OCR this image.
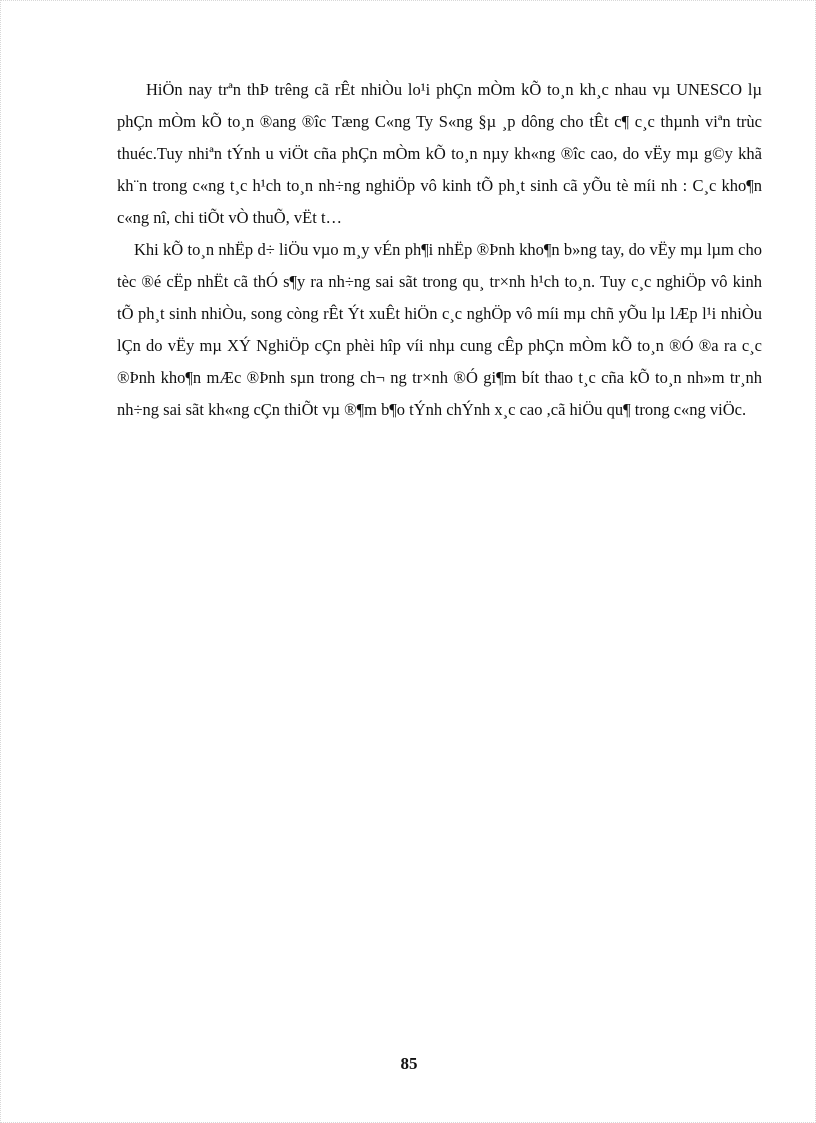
HiÖn nay trªn thÞ trêng cã rÊt nhiÒu lo¹i phÇn mÒm kÕ to¸n kh¸c nhau vµ UNESCO lµ phÇn mÒm kÕ to¸n ®ang ®îc Tæng C«ng Ty S«ng §µ ¸p dông cho tÊt c¶ c¸c thµnh viªn trùc thuéc.Tuy nhiªn tÝnh u viÖt cña phÇn mÒm kÕ to¸n nµy kh«ng ®îc cao, do vËy mµ g©y khã kh¨n trong c«ng t¸c h¹ch to¸n nh÷ng nghiÖp vô kinh tÕ ph¸t sinh cã yÕu tè míi nh : C¸c kho¶n c«ng nî, chi tiÕt vÒ thuÕ, vËt t…

Khi kÕ to¸n nhËp d÷ liÖu vµo m¸y vÉn ph¶i nhËp ®Þnh kho¶n b»ng tay, do vËy mµ lµm cho tèc ®é cËp nhËt cã thÓ s¶y ra nh÷ng sai sãt trong qu¸ tr×nh h¹ch to¸n. Tuy c¸c nghiÖp vô kinh tÕ ph¸t sinh nhiÒu, song còng rÊt Ýt xuÊt hiÖn c¸c nghÖp vô míi mµ chñ yÕu lµ lÆp l¹i nhiÒu lÇn do vËy mµ XÝ NghiÖp cÇn phèi hîp víi nhµ cung cÊp phÇn mÒm kÕ to¸n ®Ó ®a ra c¸c ®Þnh kho¶n mÆc ®Þnh sµn trong ch¬ ng tr×nh ®Ó gi¶m bít thao t¸c cña kÕ to¸n nh»m tr¸nh nh÷ng sai sãt kh«ng cÇn thiÕt vµ ®¶m b¶o tÝnh chÝnh x¸c cao ,cã hiÖu qu¶ trong c«ng viÖc.

85
